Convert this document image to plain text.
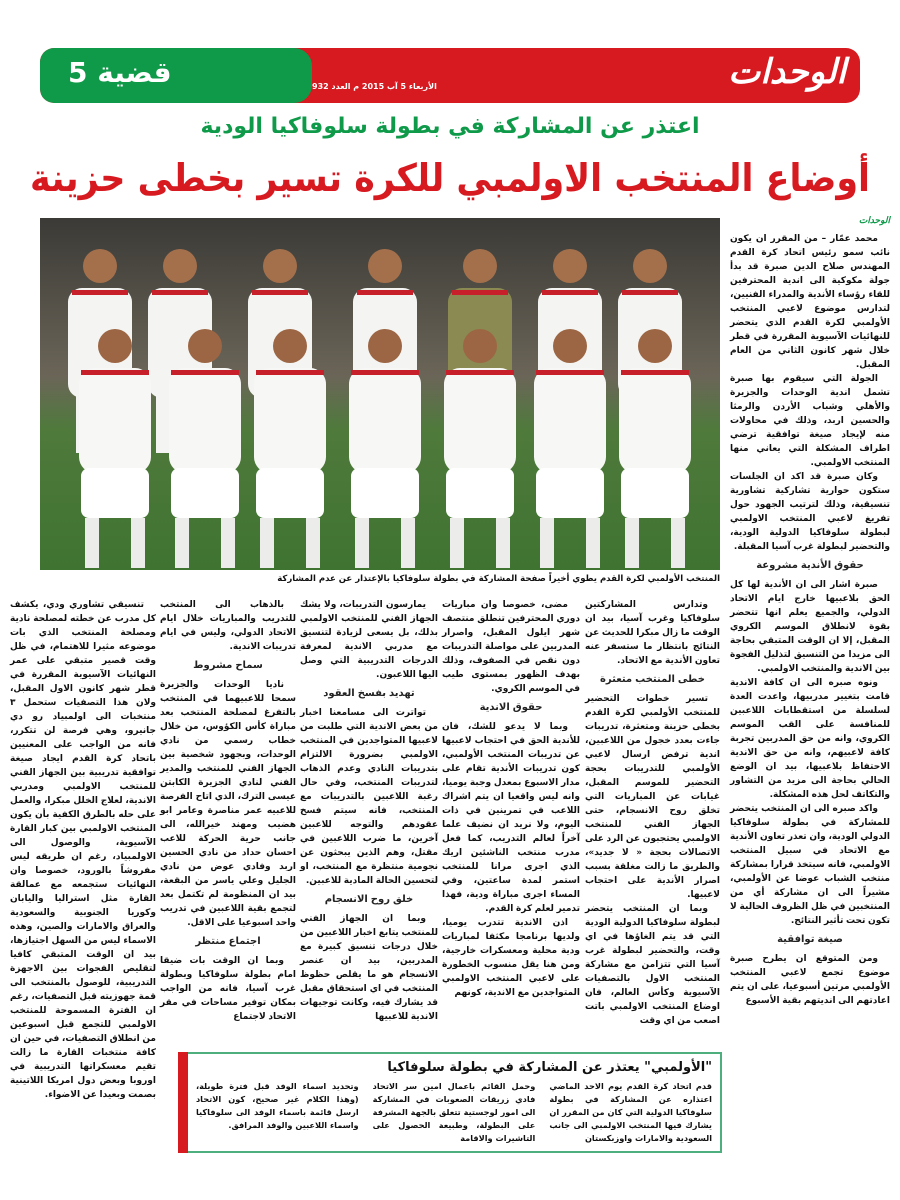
الوحدات
الأربعاء 5 آب 2015 م العدد 932
قضية 5
اعتذر عن المشاركة في بطولة سلوفاكيا الودية
أوضاع المنتخب الاولمبي للكرة تسير بخطى حزينة
المنتخب الأولمبي لكرة القدم يطوي أخيراً صفحة المشاركة في بطولة سلوفاكيا بالإعتذار عن عدم المشاركة
الوحدات

محمد عمّار – من المقرر ان يكون نائب سمو رئيس اتحاد كرة القدم المهندس صلاح الدين صبرة قد بدأ جولة مكوكية الى اندية المحترفين للقاء رؤساء الأندية والمدراء الفنيين، لتدارس موضوع لاعبي المنتخب الأولمبي لكرة القدم الذي يتحضر للنهائيات الآسيوية المقررة في قطر خلال شهر كانون الثاني من العام المقبل.

الجولة التي سيقوم بها صبرة تشمل اندية الوحدات والجزيرة والأهلي وشباب الأردن والرمثا والحسين اربد، وذلك في محاولات منه لإيجاد صيغة توافقية ترضي اطراف المشكلة التي يعاني منها المنتخب الاولمبي.

وكان صبرة قد اكد ان الجلسات ستكون حوارية تشاركية تشاورية تنسيقية، وذلك لترتيب الجهود حول تفريغ لاعبي المنتخب الاولمبي لبطولة سلوفاكيا الدولية الودية، والتحضير لبطولة غرب آسيا المقبلة.

حقوق الأندية مشروعة

صبرة اشار الى ان الأندية لها كل الحق بلاعبيها خارج ايام الاتحاد الدولي، والجميع يعلم انها تتحضر بقوة لانطلاق الموسم الكروي المقبل، إلا ان الوقت المتبقي بحاجة الى مزيدا من التنسيق لتذليل الفجوة بين الاندية والمنتخب الاولمبي.

ونوه صبره الى ان كافة الاندية قامت بتغيير مدربيها، واعدت العدة لسلسلة من استقطابات اللاعبين للمنافسة على القب الموسم الكروي، وانه من حق المدربين تجربة كافة لاعبيهم، وانه من حق الاندية الاحتفاظ بلاعبيها، بيد ان الوضع الحالي بحاجة الى مزيد من التشاور والتكاتف لحل هذه المشكلة.

واكد صبره الى ان المنتخب يتحضر للمشاركة في بطولة سلوفاكيا الدولي الودية، وان تعذر تعاون الأندية مع الاتحاد في سبيل المنتخب الاولمبي، فانه سيتخذ قرارا بمشاركة منتخب الشباب عوضا عن الأولمبي، مشيراً الى ان مشاركة أي من المنتخبين في ظل الظروف الحالية لا تكون تحت تأثير النتائج.

صيغة توافقية

ومن المتوقع ان يطرح صبرة موضوع تجمع لاعبي المنتخب الأولمبي مرتين أسبوعيا، على ان يتم اعادتهم الى انديتهم بقية الأسبوع

وتدارس المشاركتين سلوفاكيا وغرب آسيا، بيد ان الوقت ما زال مبكرا للحديث عن النتائج بانتظار ما ستسفر عنه تعاون الأندية مع الاتحاد.

خطى المنتخب متعثرة

تسير خطوات التحضير للمنتخب الأولمبي لكرة القدم بخطى حزينة ومتعثرة، تدريبات جاءت بعدد خجول من اللاعبين، اندية ترفض ارسال لاعبي الأولمبي للتدريبات بحجة التحضير للموسم المقبل، غيابات عن المباريات التي تخلق روح الانسجام، حتى الجهاز الفني للمنتخب الاولمبي يحتجبون عن الرد على الاتصالات بحجة « لا جديد»، والطريق ما زالت مغلقة بسبب اصرار الأندية على احتجاب لاعبيها.

وبما ان المنتخب يتحضر لبطولة سلوفاكيا الدولية الودية التي قد يتم الغاؤها في اي وقت، والتحضير لبطولة غرب آسيا التي تتزامن مع مشاركة المنتخب الاول بالتصفيات الآسيوية وكأس العالم، فان اوضاع المنتخب الاولمبي باتت اصعب من اي وقت

مضى، خصوصا وان مباريات دوري المحترفين تنطلق منتصف شهر ايلول المقبل، واصرار المدربين على مواصلة التدريبات دون نقص في الصفوف، وذلك بهدف الظهور بمستوى طيب في الموسم الكروي.

حقوق الاندية

وبما لا يدعو للشك، فان للأندية الحق في احتجاب لاعبيها عن تدريبات المنتخب الأولمبي، كون تدريبات الأندية تقام على مدار الاسبوع بمعدل وجبة يوميا، وانه ليس واقعيا ان يتم اشراك اللاعب في تمرينين في ذات اليوم، ولا نريد ان نضيف علما آخراً لعالم التدريب، كما فعل مدرب منتخب الناشئين اريك الذي اجرى مرانا للمنتخب استمر لمدة ساعتين، وفي المساء اجرى مباراة ودية، فهذا تدمير لعلم كرة القدم.

اذن الاندية تتدرب يوميا، ولديها برنامجا مكثفا لمباريات ودية محلية ومعسكرات خارجية، ومن هنا يقل منسوب الخطورة على لاعبي المنتخب الاولمبي المتواجدين مع الاندية، كونهم

يمارسون التدريبات، ولا يشك الجهاز الفني للمنتخب الاولمبي بذلك، بل يسعى لزيادة لتنسيق مع مدربي الاندية لمعرفة الدرجات التدريبية التي وصل اليها اللاعبون.

تهديد بفسخ العقود

تواترت الى مسامعنا اخبار من بعض الاندية التي طلبت من لاعبيها المتواجدين في المنتخب الاولمبي بضرورة الالتزام بتدريبات النادي وعدم الذهاب لتدريبات المنتخب، وفي حال رغبة اللاعبين بالتدريبات مع المنتخب، فانه سيتم فسخ عقودهم والتوجه للاعبين آخرين، ما ضرب اللاعبين في مقتل، وهم الذين يبحثون عن نجومية منتظرة مع المنتخب، او لتحسين الحالة المادية للاعبين.

خلق روح الانسجام

وبما ان الجهاز الفني للمنتخب يتابع اخبار اللاعبين من خلال درجات تنسيق كبيرة مع المدربين، بيد ان عنصر الانسجام هو ما يقلص حظوظ المنتخب في اي استحقاق مقبل قد يشارك فيه، وكانت توجيهات الاندية للاعبيها

بالذهاب الى المنتخب للتدريب والمباريات خلال ايام الاتحاد الدولي، وليس في ايام تدريبات الاندية.

سماح مشروط

ناديا الوحدات والجزيرة سمحا للاعبيهما في المنتخب بالتفرغ لمصلحة المنتخب بعد مباراة كأس الكؤوس، من خلال خطاب رسمي من نادي الوحدات، وبجهود شخصية بين الجهاز الفني للمنتخب والمدير الفني لنادي الجزيرة الكابتن عيسى الترك، الذي اتاح الفرصة للاعبيه عمر مناصرة وعامر ابو هضيب ومهند خيرالله، الى جانب حرية الحركة للاعب احسان حداد من نادي الحسين اربد وفادي عوض من نادي الجليل وعلي ياسر من البقعة، بيد ان المنظومة لم تكتمل بعد لتجمع بقية اللاعبين في تدريب واحد اسبوعيا على الاقل.

اجتماع منتظر

وبما ان الوقت بات ضيقا امام بطولة سلوفاكيا وبطولة غرب آسيا، فانه من الواجب بمكان توفير مساحات في مقر الاتحاد لاجتماع

تنسيقي تشاوري ودي، يكشف كل مدرب عن خطته لمصلحة نادية ومصلحة المنتخب الذي بات موضوعه مثيرا للاهتمام، في ظل وقت قصير متبقي على عمر النهائيات الآسيوية المقررة في قطر شهر كانون الاول المقبل، ولان هذا التصفيات ستحمل ٣ منتخبات الى اولمبياد رو دي جانيرو، وهي فرصة لن تتكرر، فانه من الواجب على المعنيين باتحاد كرة القدم ايجاد صيغة توافقية تدريبية بين الجهاز الفني للمنتخب الاولمبي ومدربي الاندية، لعلاج الخلل مبكرا، والعمل على حله بالطرق الكفية بأن يكون المنتخب الاولمبي بين كبار القارة الآسيوية، والوصول الى الاولمبياد، رغم ان طريقه ليس مفروشاً بالورود، خصوصا وان النهائيات ستجمعه مع عمالقة القارة مثل استراليا واليابان وكوريا الجنوبية والسعودية والعراق والامارات والصين، وهذه الاسماء ليس من السهل اجتيازها، بيد ان الوقت المتبقي كافيا لتقليص الفجوات بين الاجهزة التدريبية، للوصول بالمنتخب الى قمة جهوزيته قبل التصفيات، رغم ان الفترة المسموحة للمنتخب الاولمبي للتجمع قبل اسبوعين من انطلاق التصفيات، في حين ان كافة منتخبات القارة ما زالت تقيم معسكراتها التدريبية في اوروبا وبعض دول امريكا اللاتينية بصمت وبعيدا عن الاضواء.

"الأولمبي" يعتذر عن المشاركة في بطولة سلوفاكيا
قدم اتحاد كرة القدم يوم الاحد الماضي اعتذاره عن المشاركة في بطولة سلوفاكيا الدولية التي كان من المقرر ان يشارك فيها المنتخب الاولمبي الى جانب السعودية والامارات واوزبكستان
وحمل القائم باعمال امين سر الاتحاد فادي زريقات الصعوبات في المشاركة الى امور لوجستية تتعلق بالجهة المشرفة على البطولة، وطبيعة الحصول على التاشيرات والاقامة
وتحديد اسماء الوفد قبل فترة طويلة، (وهذا الكلام غير صحيح، كون الاتحاد ارسل قائمة باسماء الوفد الى سلوفاكيا واسماء اللاعبين والوفد المرافق.
